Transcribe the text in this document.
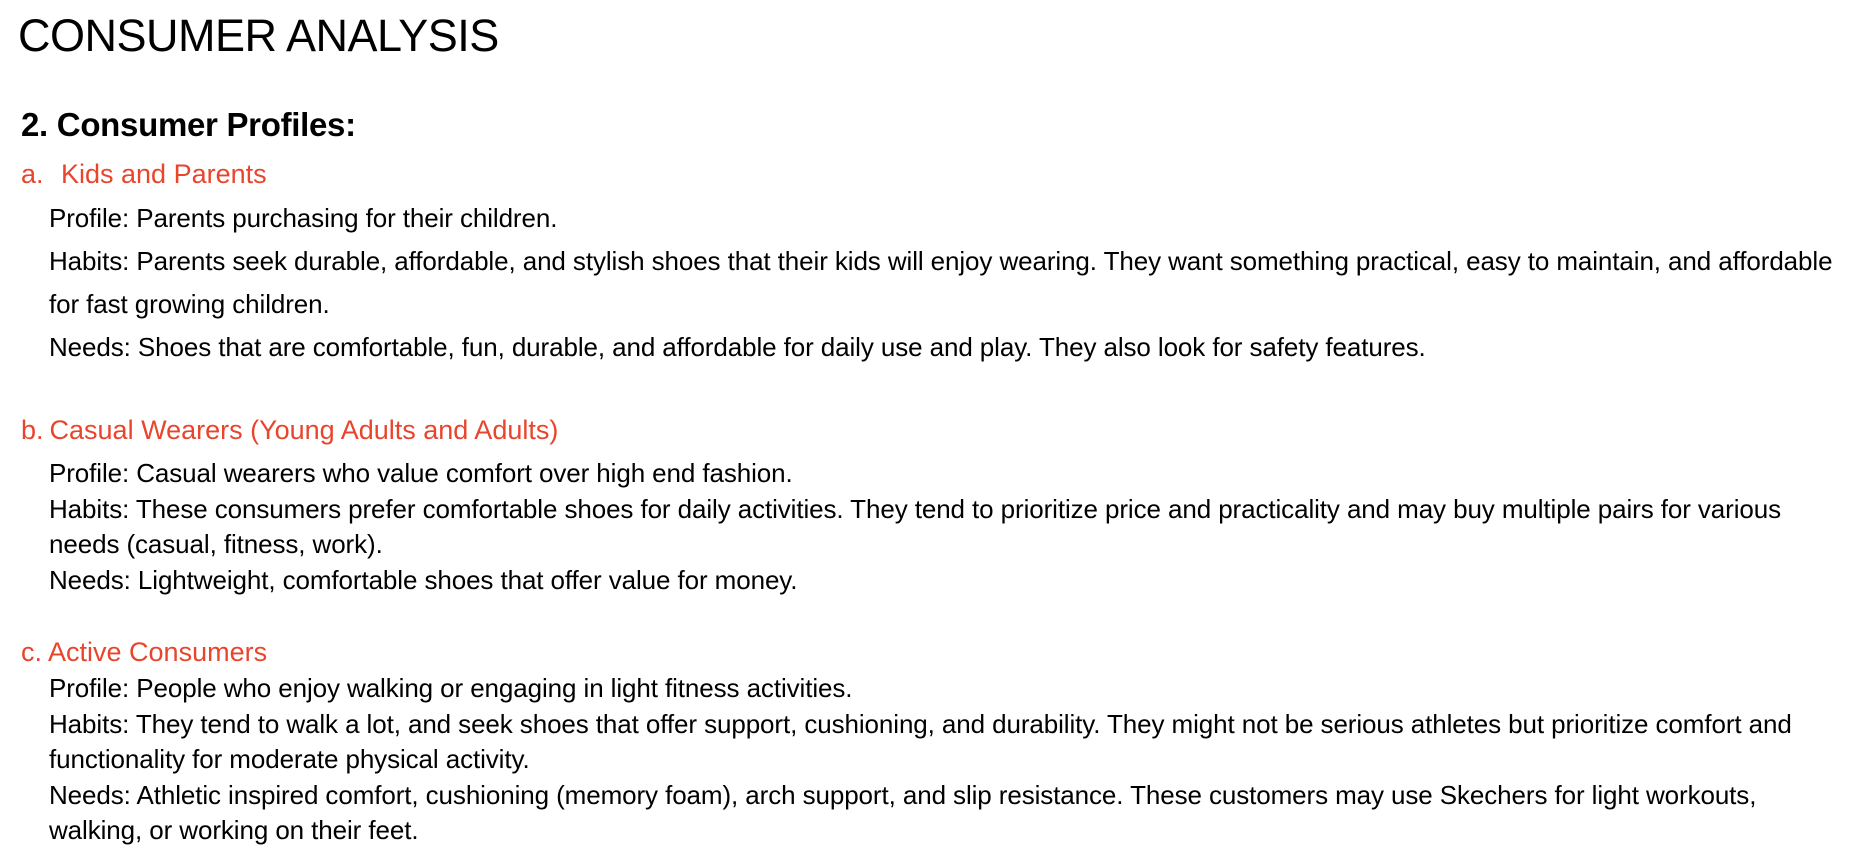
CONSUMER ANALYSIS
2. Consumer Profiles:
a. Kids and Parents

Profile: Parents purchasing for their children.

Habits: Parents seek durable, affordable, and stylish shoes that their kids will enjoy wearing. They want something practical, easy to maintain, and affordable for fast growing children.

Needs: Shoes that are comfortable, fun, durable, and affordable for daily use and play. They also look for safety features.

b. Casual Wearers (Young Adults and Adults)

Profile: Casual wearers who value comfort over high end fashion.

Habits: These consumers prefer comfortable shoes for daily activities. They tend to prioritize price and practicality and may buy multiple pairs for various needs (casual, fitness, work).

Needs: Lightweight, comfortable shoes that offer value for money.

c. Active Consumers

Profile: People who enjoy walking or engaging in light fitness activities.

Habits: They tend to walk a lot, and seek shoes that offer support, cushioning, and durability. They might not be serious athletes but prioritize comfort and functionality for moderate physical activity.

Needs: Athletic inspired comfort, cushioning (memory foam), arch support, and slip resistance. These customers may use Skechers for light workouts, walking, or working on their feet.
